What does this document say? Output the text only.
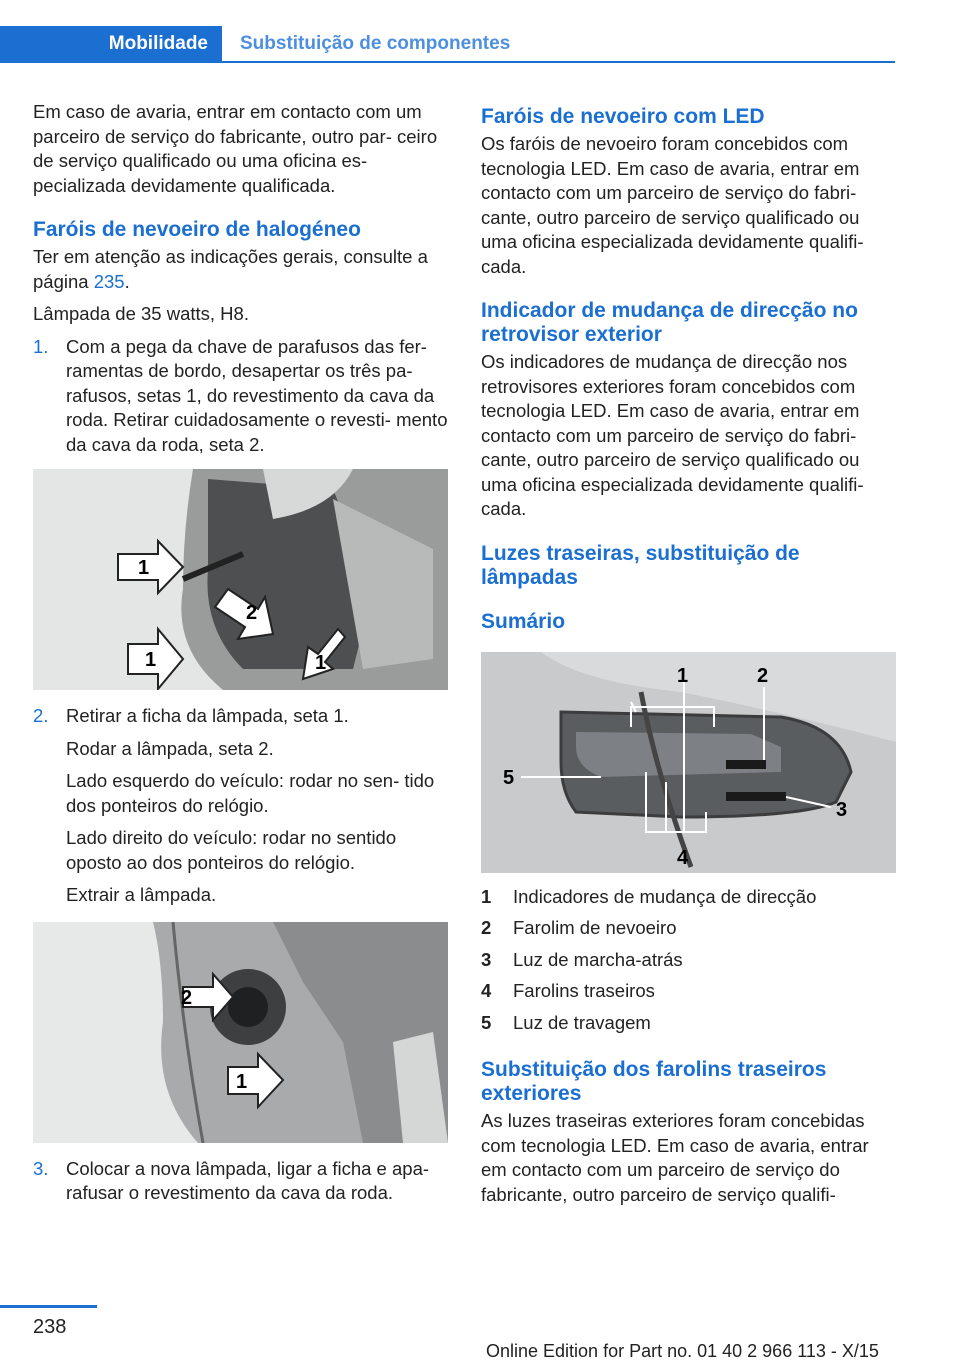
Mobilidade	Substituição de componentes

Em caso de avaria, entrar em contacto com um parceiro de serviço do fabricante, outro par‐ ceiro de serviço qualificado ou uma oficina es‐ pecializada devidamente qualificada.

Faróis de nevoeiro de halogéneo

Ter em atenção as indicações gerais, consulte a página 235.

Lâmpada de 35 watts, H8.

1. Com a pega da chave de parafusos das fer‐ ramentas de bordo, desapertar os três pa‐ rafusos, setas 1, do revestimento da cava da roda. Retirar cuidadosamente o revesti‐ mento da cava da roda, seta 2.

1
2
1	1
2. Retirar a ficha da lâmpada, seta 1.

Rodar a lâmpada, seta 2.

Lado esquerdo do veículo: rodar no sen‐ tido dos ponteiros do relógio.

Lado direito do veículo: rodar no sentido oposto ao dos ponteiros do relógio.

Extrair a lâmpada.

2
1
3. Colocar a nova lâmpada, ligar a ficha e apa‐ rafusar o revestimento da cava da roda.

Faróis de nevoeiro com LED

Os faróis de nevoeiro foram concebidos com tecnologia LED. Em caso de avaria, entrar em contacto com um parceiro de serviço do fabri‐ cante, outro parceiro de serviço qualificado ou uma oficina especializada devidamente qualifi‐ cada.

Indicador de mudança de direcção no retrovisor exterior

Os indicadores de mudança de direcção nos retrovisores exteriores foram concebidos com tecnologia LED. Em caso de avaria, entrar em contacto com um parceiro de serviço do fabri‐ cante, outro parceiro de serviço qualificado ou uma oficina especializada devidamente qualifi‐ cada.

Luzes traseiras, substituição de lâmpadas
Sumário
1	2
5
3
4
1	Indicadores de mudança de direcção
2	Farolim de nevoeiro
3	Luz de marcha-atrás
4	Farolins traseiros
5	Luz de travagem
Substituição dos farolins traseiros exteriores

As luzes traseiras exteriores foram concebidas com tecnologia LED. Em caso de avaria, entrar em contacto com um parceiro de serviço do fabricante, outro parceiro de serviço qualifi‐

238
Online Edition for Part no. 01 40 2 966 113 - X/15
